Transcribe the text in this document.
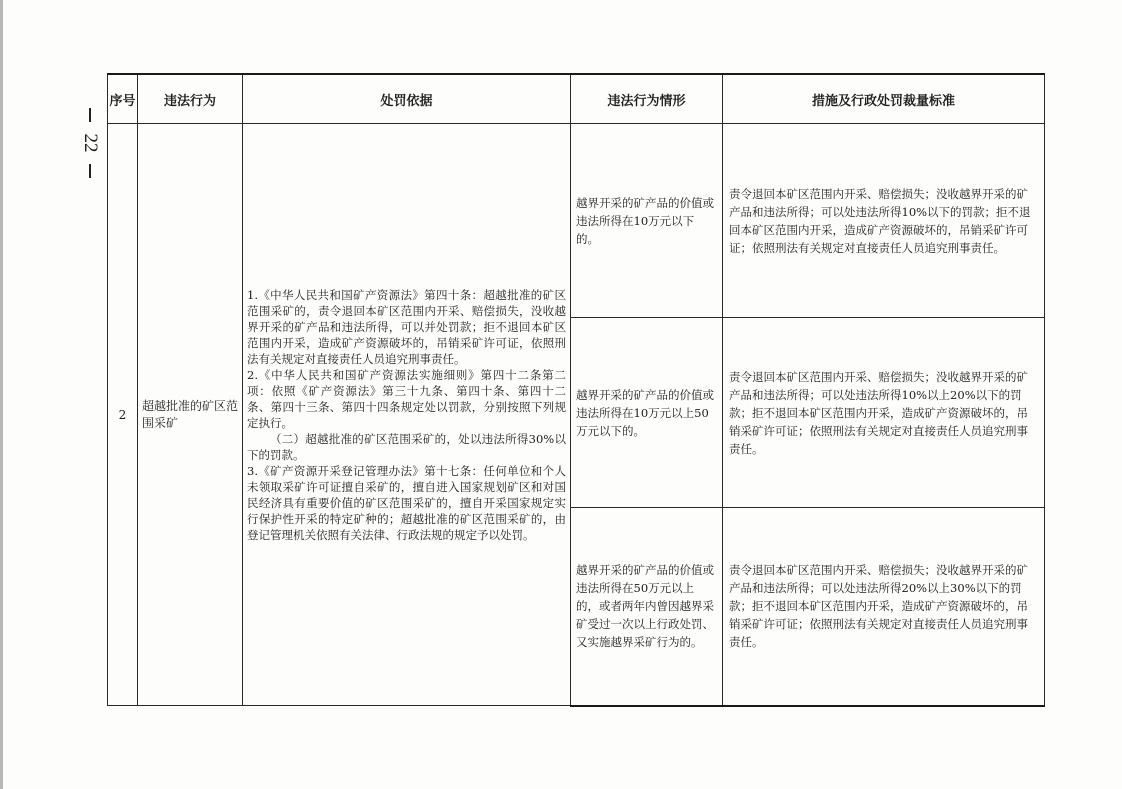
22
序号	违法行为	处罚依据	违法行为情形	措施及行政处罚裁量标准
2	超越批准的矿区范围采矿	1.《中华人民共和国矿产资源法》第四十条：超越批准的矿区范围采矿的，责令退回本矿区范围内开采、赔偿损失，没收越界开采的矿产品和违法所得，可以并处罚款；拒不退回本矿区范围内开采，造成矿产资源破坏的，吊销采矿许可证，依照刑法有关规定对直接责任人员追究刑事责任。

2.《中华人民共和国矿产资源法实施细则》第四十二条第二项：依照《矿产资源法》第三十九条、第四十条、第四十二条、第四十三条、第四十四条规定处以罚款，分别按照下列规定执行。

（二）超越批准的矿区范围采矿的，处以违法所得30%以下的罚款。

3.《矿产资源开采登记管理办法》第十七条：任何单位和个人未领取采矿许可证擅自采矿的，擅自进入国家规划矿区和对国民经济具有重要价值的矿区范围采矿的，擅自开采国家规定实行保护性开采的特定矿种的；超越批准的矿区范围采矿的，由登记管理机关依照有关法律、行政法规的规定予以处罚。	越界开采的矿产品的价值或违法所得在10万元以下的。	责令退回本矿区范围内开采、赔偿损失；没收越界开采的矿产品和违法所得；可以处违法所得10%以下的罚款；拒不退回本矿区范围内开采，造成矿产资源破坏的，吊销采矿许可证；依照刑法有关规定对直接责任人员追究刑事责任。
			越界开采的矿产品的价值或违法所得在10万元以上50万元以下的。	责令退回本矿区范围内开采、赔偿损失；没收越界开采的矿产品和违法所得；可以处违法所得10%以上20%以下的罚款；拒不退回本矿区范围内开采，造成矿产资源破坏的，吊销采矿许可证；依照刑法有关规定对直接责任人员追究刑事责任。
			越界开采的矿产品的价值或违法所得在50万元以上的，或者两年内曾因越界采矿受过一次以上行政处罚、又实施越界采矿行为的。	责令退回本矿区范围内开采、赔偿损失；没收越界开采的矿产品和违法所得；可以处违法所得20%以上30%以下的罚款；拒不退回本矿区范围内开采，造成矿产资源破坏的，吊销采矿许可证；依照刑法有关规定对直接责任人员追究刑事责任。
